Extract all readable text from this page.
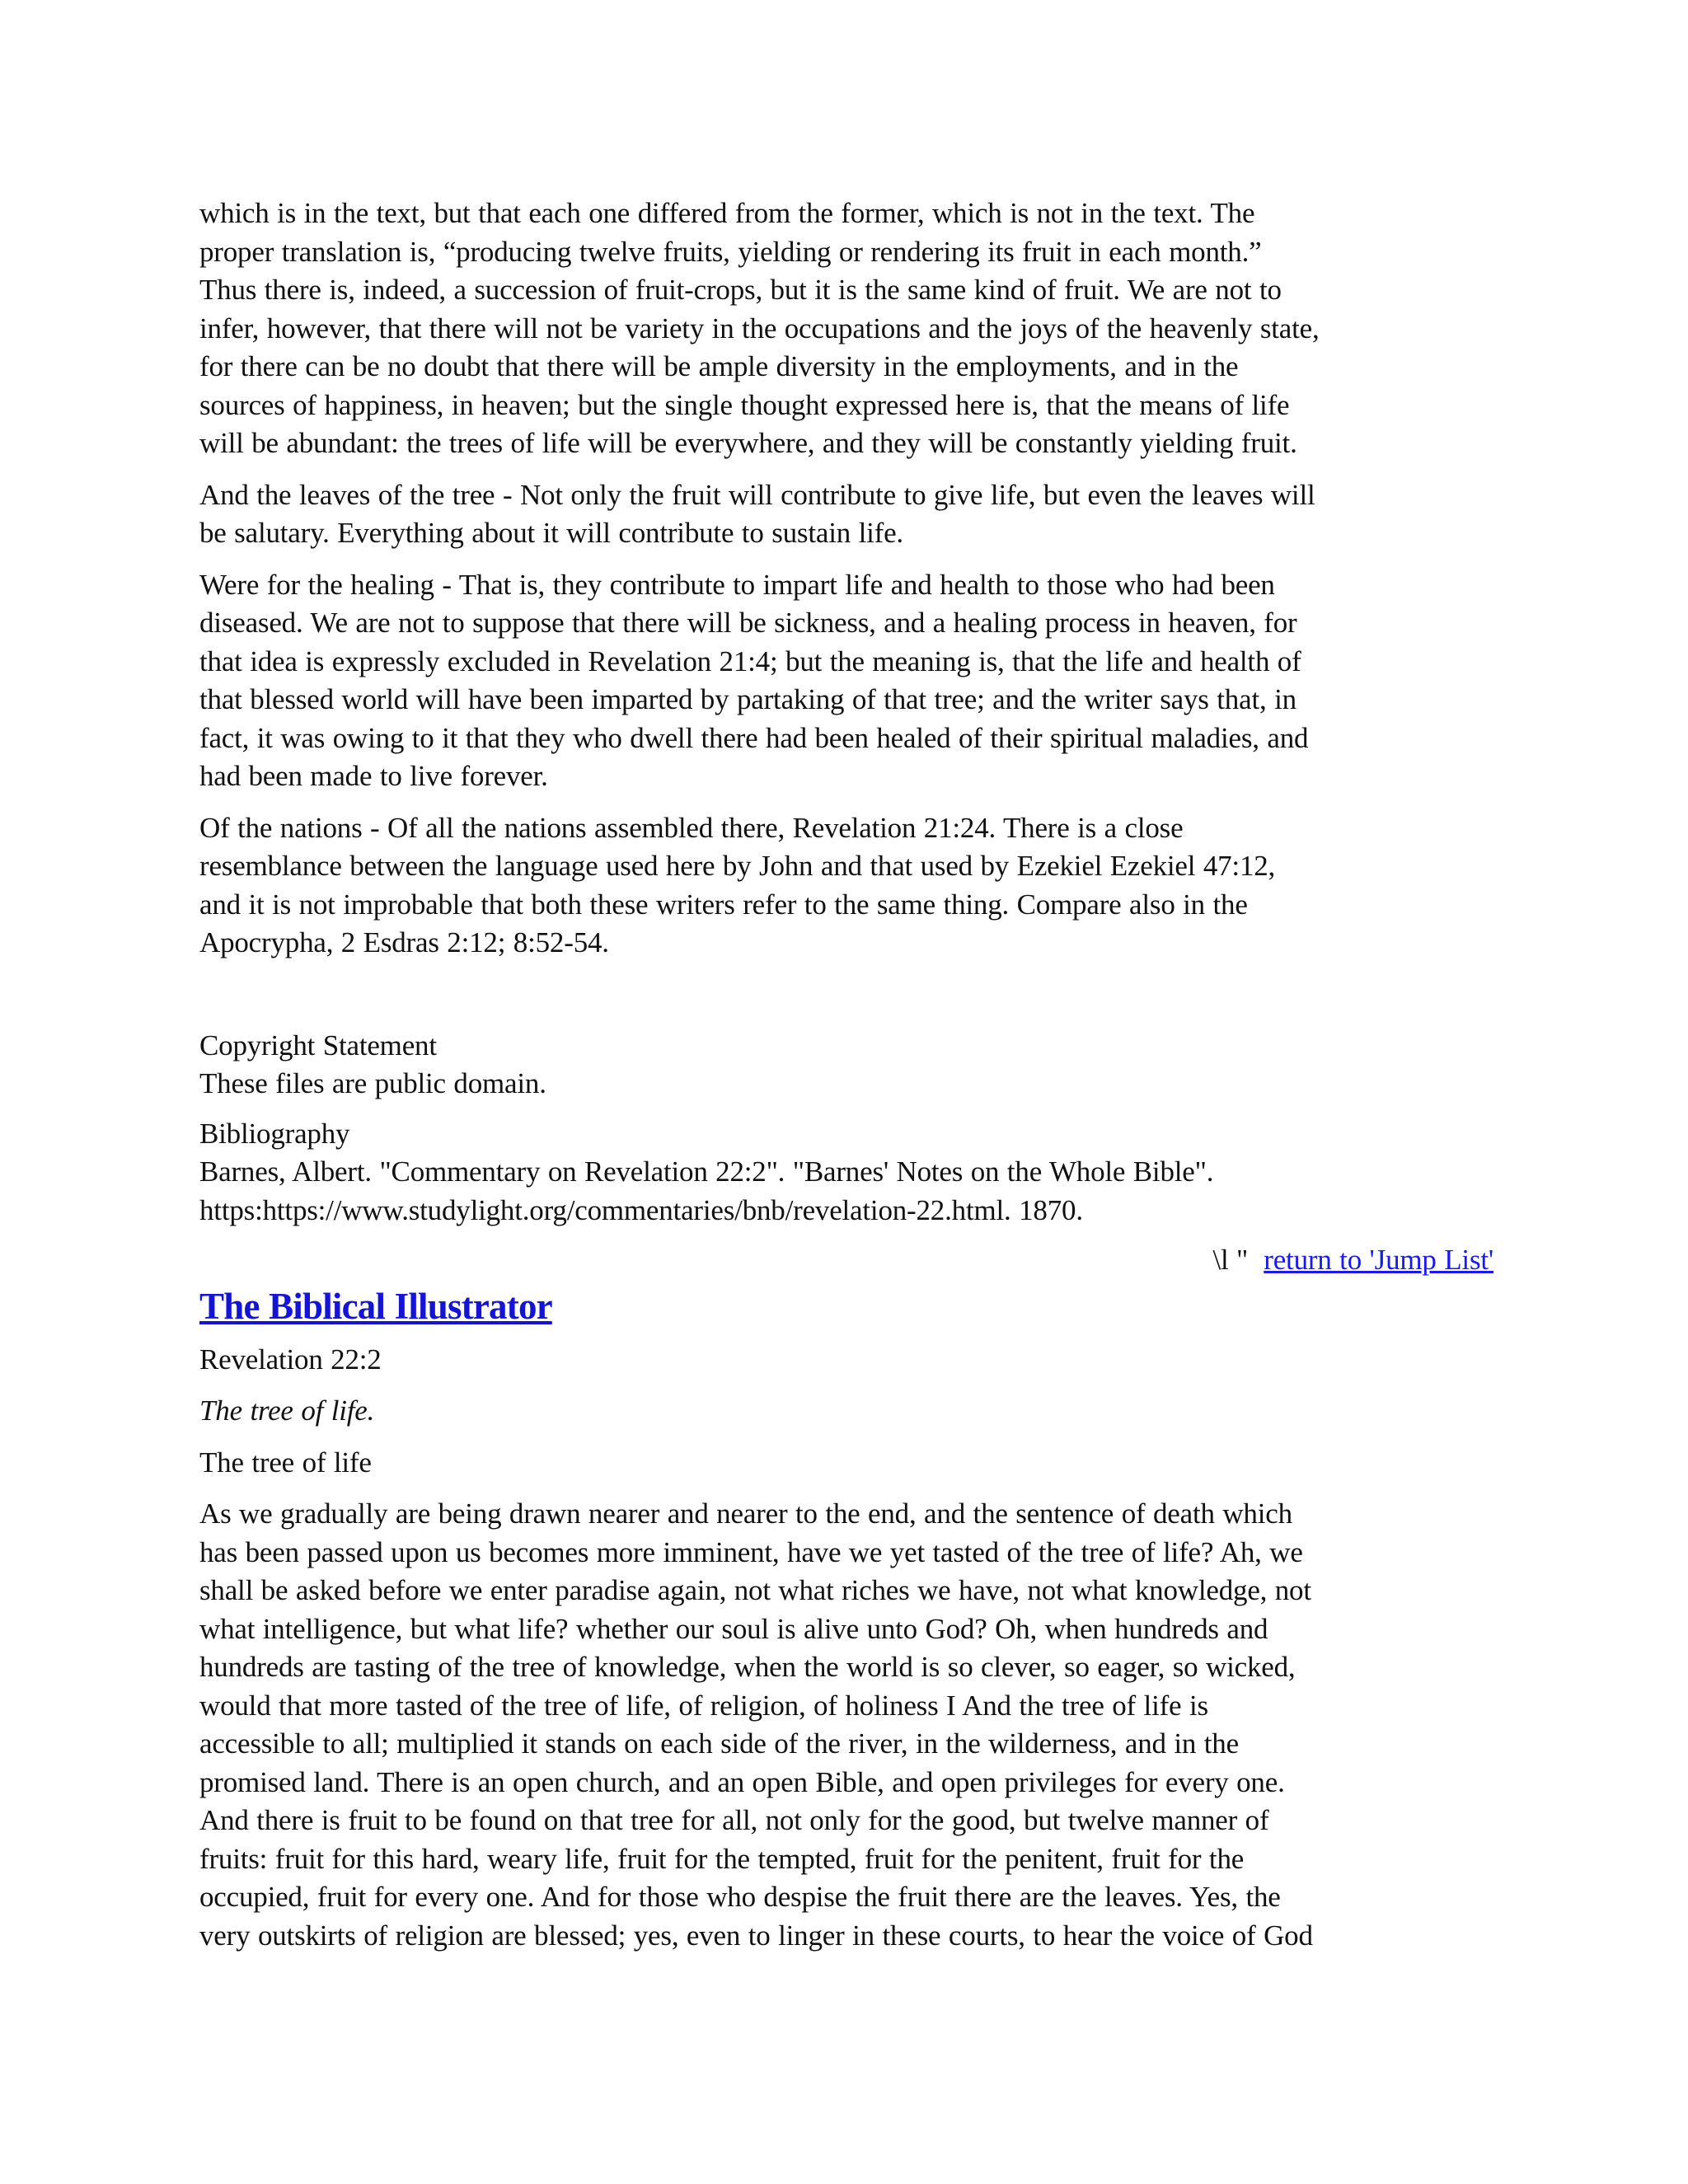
which is in the text, but that each one differed from the former, which is not in the text. The
proper translation is, “producing twelve fruits, yielding or rendering its fruit in each month.”
Thus there is, indeed, a succession of fruit-crops, but it is the same kind of fruit. We are not to
infer, however, that there will not be variety in the occupations and the joys of the heavenly state,
for there can be no doubt that there will be ample diversity in the employments, and in the
sources of happiness, in heaven; but the single thought expressed here is, that the means of life
will be abundant: the trees of life will be everywhere, and they will be constantly yielding fruit.
And the leaves of the tree - Not only the fruit will contribute to give life, but even the leaves will
be salutary. Everything about it will contribute to sustain life.
Were for the healing - That is, they contribute to impart life and health to those who had been
diseased. We are not to suppose that there will be sickness, and a healing process in heaven, for
that idea is expressly excluded in Revelation 21:4; but the meaning is, that the life and health of
that blessed world will have been imparted by partaking of that tree; and the writer says that, in
fact, it was owing to it that they who dwell there had been healed of their spiritual maladies, and
had been made to live forever.
Of the nations - Of all the nations assembled there, Revelation 21:24. There is a close
resemblance between the language used here by John and that used by Ezekiel Ezekiel 47:12,
and it is not improbable that both these writers refer to the same thing. Compare also in the
Apocrypha, 2 Esdras 2:12; 8:52-54.
Copyright Statement
These files are public domain.
Bibliography
Barnes, Albert. "Commentary on Revelation 22:2". "Barnes' Notes on the Whole Bible".
https:https://www.studylight.org/commentaries/bnb/revelation-22.html. 1870.
\l "  return to 'Jump List'
The Biblical Illustrator
Revelation 22:2
The tree of life.
The tree of life
As we gradually are being drawn nearer and nearer to the end, and the sentence of death which
has been passed upon us becomes more imminent, have we yet tasted of the tree of life? Ah, we
shall be asked before we enter paradise again, not what riches we have, not what knowledge, not
what intelligence, but what life? whether our soul is alive unto God? Oh, when hundreds and
hundreds are tasting of the tree of knowledge, when the world is so clever, so eager, so wicked,
would that more tasted of the tree of life, of religion, of holiness I And the tree of life is
accessible to all; multiplied it stands on each side of the river, in the wilderness, and in the
promised land. There is an open church, and an open Bible, and open privileges for every one.
And there is fruit to be found on that tree for all, not only for the good, but twelve manner of
fruits: fruit for this hard, weary life, fruit for the tempted, fruit for the penitent, fruit for the
occupied, fruit for every one. And for those who despise the fruit there are the leaves. Yes, the
very outskirts of religion are blessed; yes, even to linger in these courts, to hear the voice of God
